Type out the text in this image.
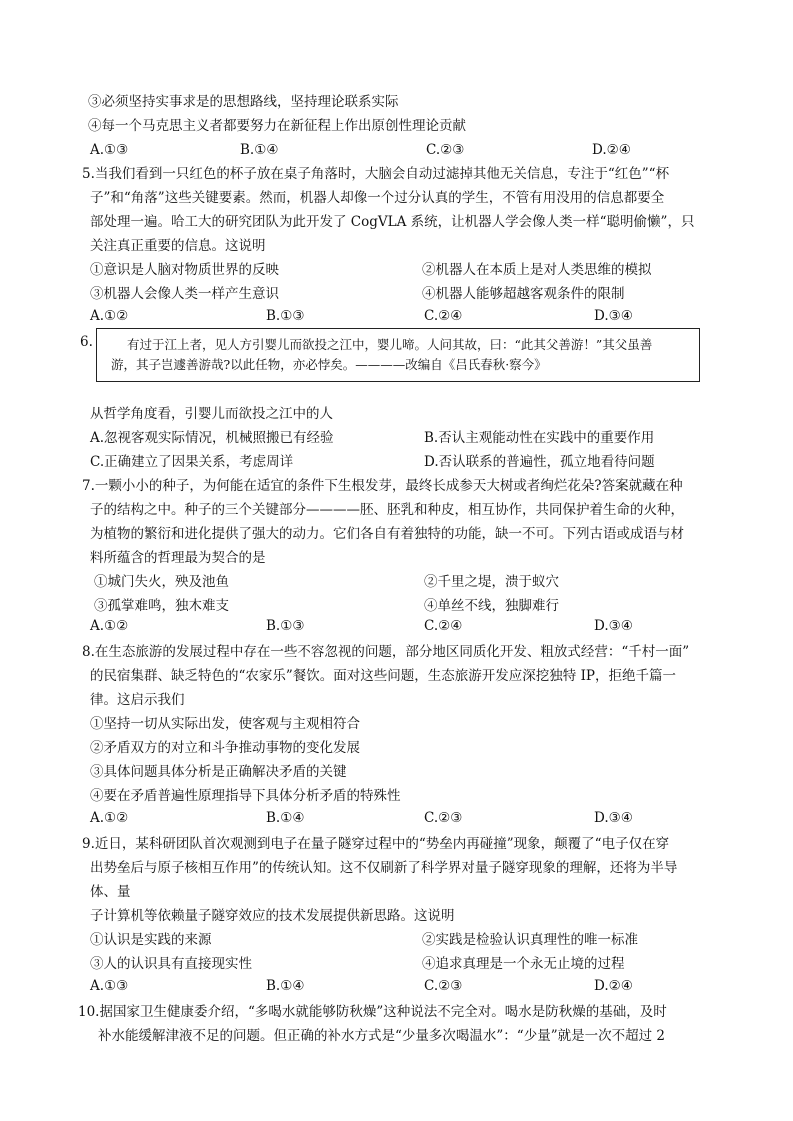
③必须坚持实事求是的思想路线，坚持理论联系实际
④每一个马克思主义者都要努力在新征程上作出原创性理论贡献
A.①③	B.①④	C.②③	D.②④
5.当我们看到一只红色的杯子放在桌子角落时，大脑会自动过滤掉其他无关信息，专注于“红色”“杯
子”和“角落”这些关键要素。然而，机器人却像一个过分认真的学生，不管有用没用的信息都要全
部处理一遍。哈工大的研究团队为此开发了 CogVLA 系统，让机器人学会像人类一样“聪明偷懒”，只
关注真正重要的信息。这说明
①意识是人脑对物质世界的反映	②机器人在本质上是对人类思维的模拟
③机器人会像人类一样产生意识	④机器人能够超越客观条件的限制
A.①②	B.①③	C.②④	D.③④
6.	有过于江上者，见人方引婴儿而欲投之江中，婴儿啼。人问其故，曰：“此其父善游！”其父虽善
游，其子岂遽善游哉?以此任物，亦必悖矣。————改编自《吕氏春秋·察今》
从哲学角度看，引婴儿而欲投之江中的人
A.忽视客观实际情况，机械照搬已有经验	B.否认主观能动性在实践中的重要作用
C.正确建立了因果关系，考虑周详	D.否认联系的普遍性，孤立地看待问题
7.一颗小小的种子，为何能在适宜的条件下生根发芽，最终长成参天大树或者绚烂花朵?答案就藏在种
子的结构之中。种子的三个关键部分————胚、胚乳和种皮，相互协作，共同保护着生命的火种，
为植物的繁衍和进化提供了强大的动力。它们各自有着独特的功能，缺一不可。下列古语或成语与材
料所蕴含的哲理最为契合的是
①城门失火，殃及池鱼	②千里之堤，溃于蚁穴
③孤掌难鸣，独木难支	④单丝不线，独脚难行
A.①②	B.①③	C.②④	D.③④
8.在生态旅游的发展过程中存在一些不容忽视的问题，部分地区同质化开发、粗放式经营：“千村一面”
的民宿集群、缺乏特色的“农家乐”餐饮。面对这些问题，生态旅游开发应深挖独特 IP，拒绝千篇一
律。这启示我们
①坚持一切从实际出发，使客观与主观相符合
②矛盾双方的对立和斗争推动事物的变化发展
③具体问题具体分析是正确解决矛盾的关键
④要在矛盾普遍性原理指导下具体分析矛盾的特殊性
A.①②	B.①④	C.②③	D.③④
9.近日，某科研团队首次观测到电子在量子隧穿过程中的“势垒内再碰撞”现象，颠覆了“电子仅在穿
出势垒后与原子核相互作用”的传统认知。这不仅刷新了科学界对量子隧穿现象的理解，还将为半导
体、量
子计算机等依赖量子隧穿效应的技术发展提供新思路。这说明
①认识是实践的来源	②实践是检验认识真理性的唯一标准
③人的认识具有直接现实性	④追求真理是一个永无止境的过程
A.①③	B.①④	C.②③	D.②④
10.据国家卫生健康委介绍，“多喝水就能够防秋燥”这种说法不完全对。喝水是防秋燥的基础，及时
补水能缓解津液不足的问题。但正确的补水方式是“少量多次喝温水”：“少量”就是一次不超过 2
